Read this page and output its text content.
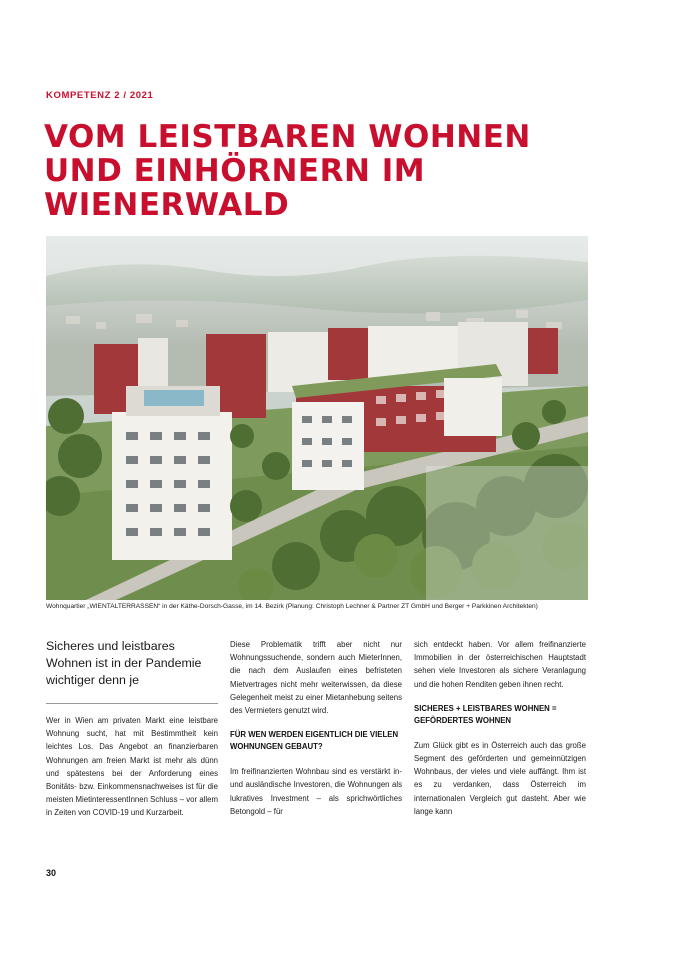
KOMPETENZ 2 / 2021
VOM LEISTBAREN WOHNEN
UND EINHÖRNERN IM
WIENERWALD
Wohnquartier „WIENTALTERRASSEN“ in der Käthe-Dorsch-Gasse, im 14. Bezirk (Planung: Christoph Lechner & Partner ZT GmbH und Berger + Parkkinen Architekten)

Sicheres und leistbares Wohnen ist in der Pandemie wichtiger denn je

Wer in Wien am privaten Markt eine leistbare Wohnung sucht, hat mit Bestimmtheit kein leichtes Los. Das Angebot an finanzierbaren Wohnungen am freien Markt ist mehr als dünn und spätestens bei der Anforderung eines Bonitäts- bzw. Einkommensnachweises ist für die meisten MietinteressentInnen Schluss – vor allem in Zeiten von COVID-19 und Kurzarbeit.

Diese Problematik trifft aber nicht nur Wohnungssuchende, sondern auch MieterInnen, die nach dem Auslaufen eines befristeten Mietvertrages nicht mehr weiterwissen, da diese Gelegenheit meist zu einer Mietanhebung seitens des Vermieters genutzt wird.

FÜR WEN WERDEN EIGENTLICH DIE VIELEN WOHNUNGEN GEBAUT?

Im freifinanzierten Wohnbau sind es verstärkt in- und ausländische Investoren, die Wohnungen als lukratives Investment – als sprichwörtliches Betongold – für

sich entdeckt haben. Vor allem freifinanzierte Immobilien in der österreichischen Hauptstadt sehen viele Investoren als sichere Veranlagung und die hohen Renditen geben ihnen recht.

SICHERES + LEISTBARES WOHNEN = GEFÖRDERTES WOHNEN

Zum Glück gibt es in Österreich auch das große Segment des geförderten und gemeinnützigen Wohnbaus, der vieles und viele auffängt. Ihm ist es zu verdanken, dass Österreich im internationalen Vergleich gut dasteht. Aber wie lange kann

30
